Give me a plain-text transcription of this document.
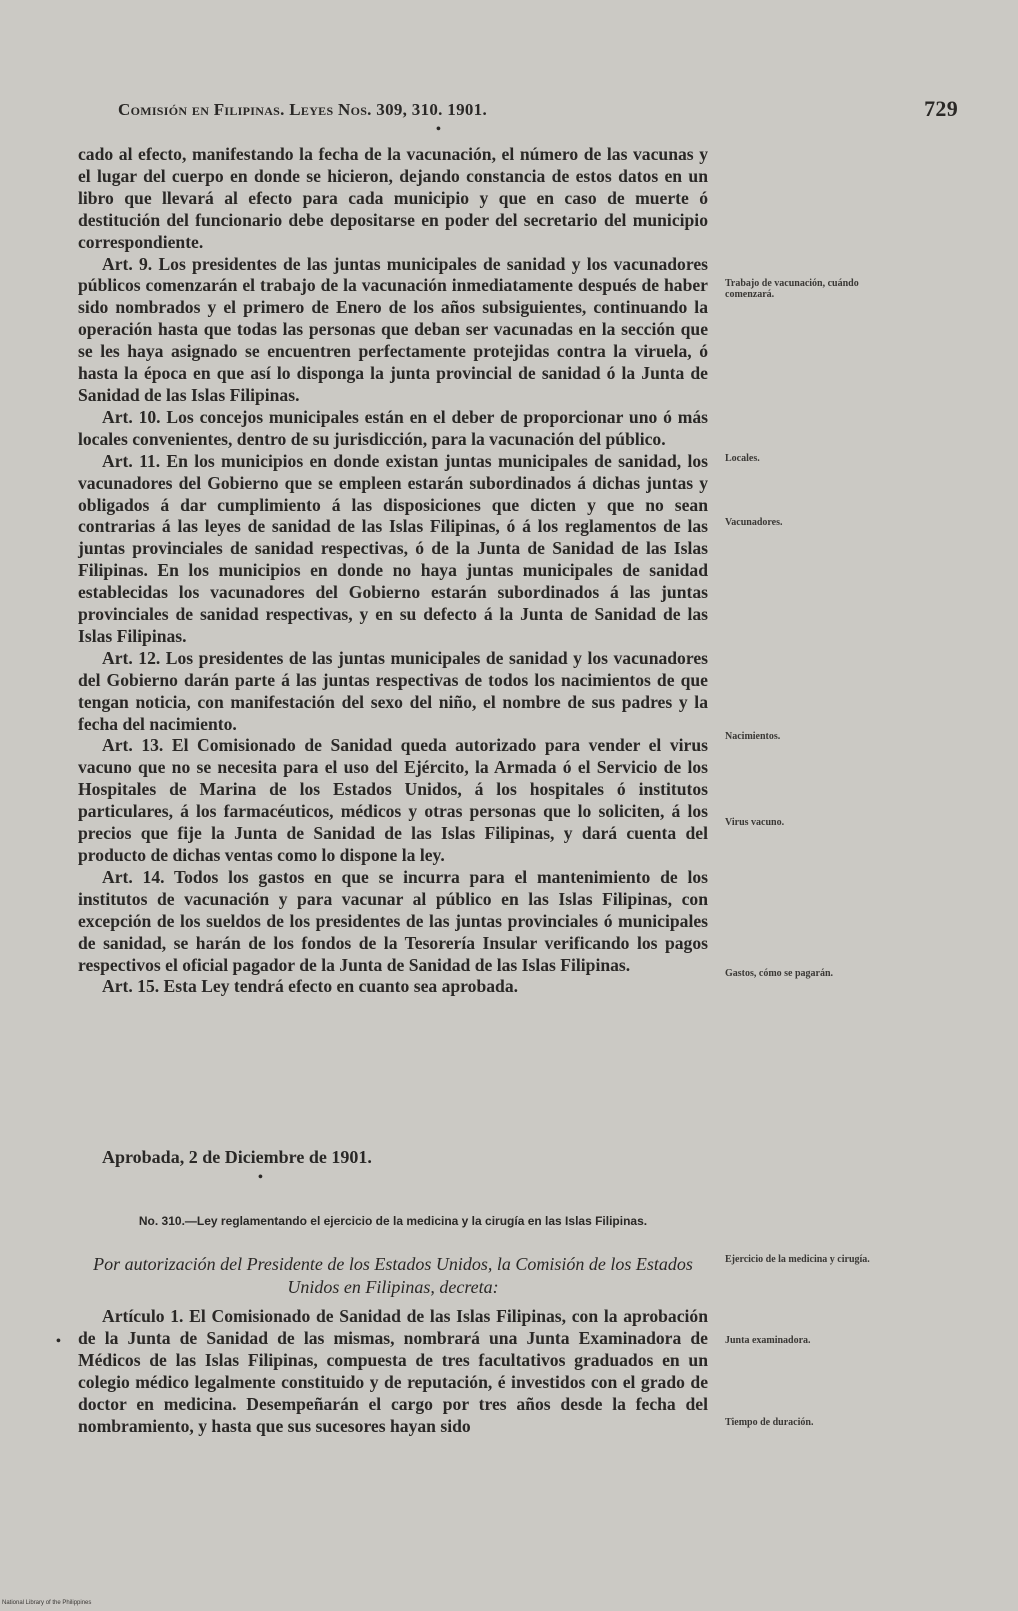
Comisión en Filipinas. Leyes Nos. 309, 310. 1901.	729
•

cado al efecto, manifestando la fecha de la vacunación, el número de las vacunas y el lugar del cuerpo en donde se hicieron, dejando constancia de estos datos en un libro que llevará al efecto para cada municipio y que en caso de muerte ó destitución del funcionario debe depositarse en poder del secretario del municipio correspondiente.

Art. 9. Los presidentes de las juntas municipales de sanidad y los vacunadores públicos comenzarán el trabajo de la vacunación inmediatamente después de haber sido nombrados y el primero de Enero de los años subsiguientes, continuando la operación hasta que todas las personas que deban ser vacunadas en la sección que se les haya asignado se encuentren perfectamente protejidas contra la viruela, ó hasta la época en que así lo disponga la junta provincial de sanidad ó la Junta de Sanidad de las Islas Filipinas.

Art. 10. Los concejos municipales están en el deber de proporcionar uno ó más locales convenientes, dentro de su jurisdicción, para la vacunación del público.

Art. 11. En los municipios en donde existan juntas municipales de sanidad, los vacunadores del Gobierno que se empleen estarán subordinados á dichas juntas y obligados á dar cumplimiento á las disposiciones que dicten y que no sean contrarias á las leyes de sanidad de las Islas Filipinas, ó á los reglamentos de las juntas provinciales de sanidad respectivas, ó de la Junta de Sanidad de las Islas Filipinas. En los municipios en donde no haya juntas municipales de sanidad establecidas los vacunadores del Gobierno estarán subordinados á las juntas provinciales de sanidad respectivas, y en su defecto á la Junta de Sanidad de las Islas Filipinas.

Art. 12. Los presidentes de las juntas municipales de sanidad y los vacunadores del Gobierno darán parte á las juntas respectivas de todos los nacimientos de que tengan noticia, con manifestación del sexo del niño, el nombre de sus padres y la fecha del nacimiento.

Art. 13. El Comisionado de Sanidad queda autorizado para vender el virus vacuno que no se necesita para el uso del Ejército, la Armada ó el Servicio de los Hospitales de Marina de los Estados Unidos, á los hospitales ó institutos particulares, á los farmacéuticos, médicos y otras personas que lo soliciten, á los precios que fije la Junta de Sanidad de las Islas Filipinas, y dará cuenta del producto de dichas ventas como lo dispone la ley.

Art. 14. Todos los gastos en que se incurra para el mantenimiento de los institutos de vacunación y para vacunar al público en las Islas Filipinas, con excepción de los sueldos de los presidentes de las juntas provinciales ó municipales de sanidad, se harán de los fondos de la Tesorería Insular verificando los pagos respectivos el oficial pagador de la Junta de Sanidad de las Islas Filipinas.

Art. 15. Esta Ley tendrá efecto en cuanto sea aprobada.

Aprobada, 2 de Diciembre de 1901.
•
No. 310.—Ley reglamentando el ejercicio de la medicina y la cirugía en las Islas Filipinas.
Por autorización del Presidente de los Estados Unidos, la Comisión de los Estados Unidos en Filipinas, decreta:

Artículo 1. El Comisionado de Sanidad de las Islas Filipinas, con la aprobación de la Junta de Sanidad de las mismas, nombrará una Junta Examinadora de Médicos de las Islas Filipinas, compuesta de tres facultativos graduados en un colegio médico legalmente constituido y de reputación, é investidos con el grado de doctor en medicina. Desempeñarán el cargo por tres años desde la fecha del nombramiento, y hasta que sus sucesores hayan sido

Trabajo de vacunación, cuándo comenzará.
Locales.
Vacunadores.
Nacimientos.
Virus vacuno.
Gastos, cómo se pagarán.
Ejercicio de la medicina y cirugía.
Junta examinadora.
Tiempo de duración.
•
National Library of the Philippines
